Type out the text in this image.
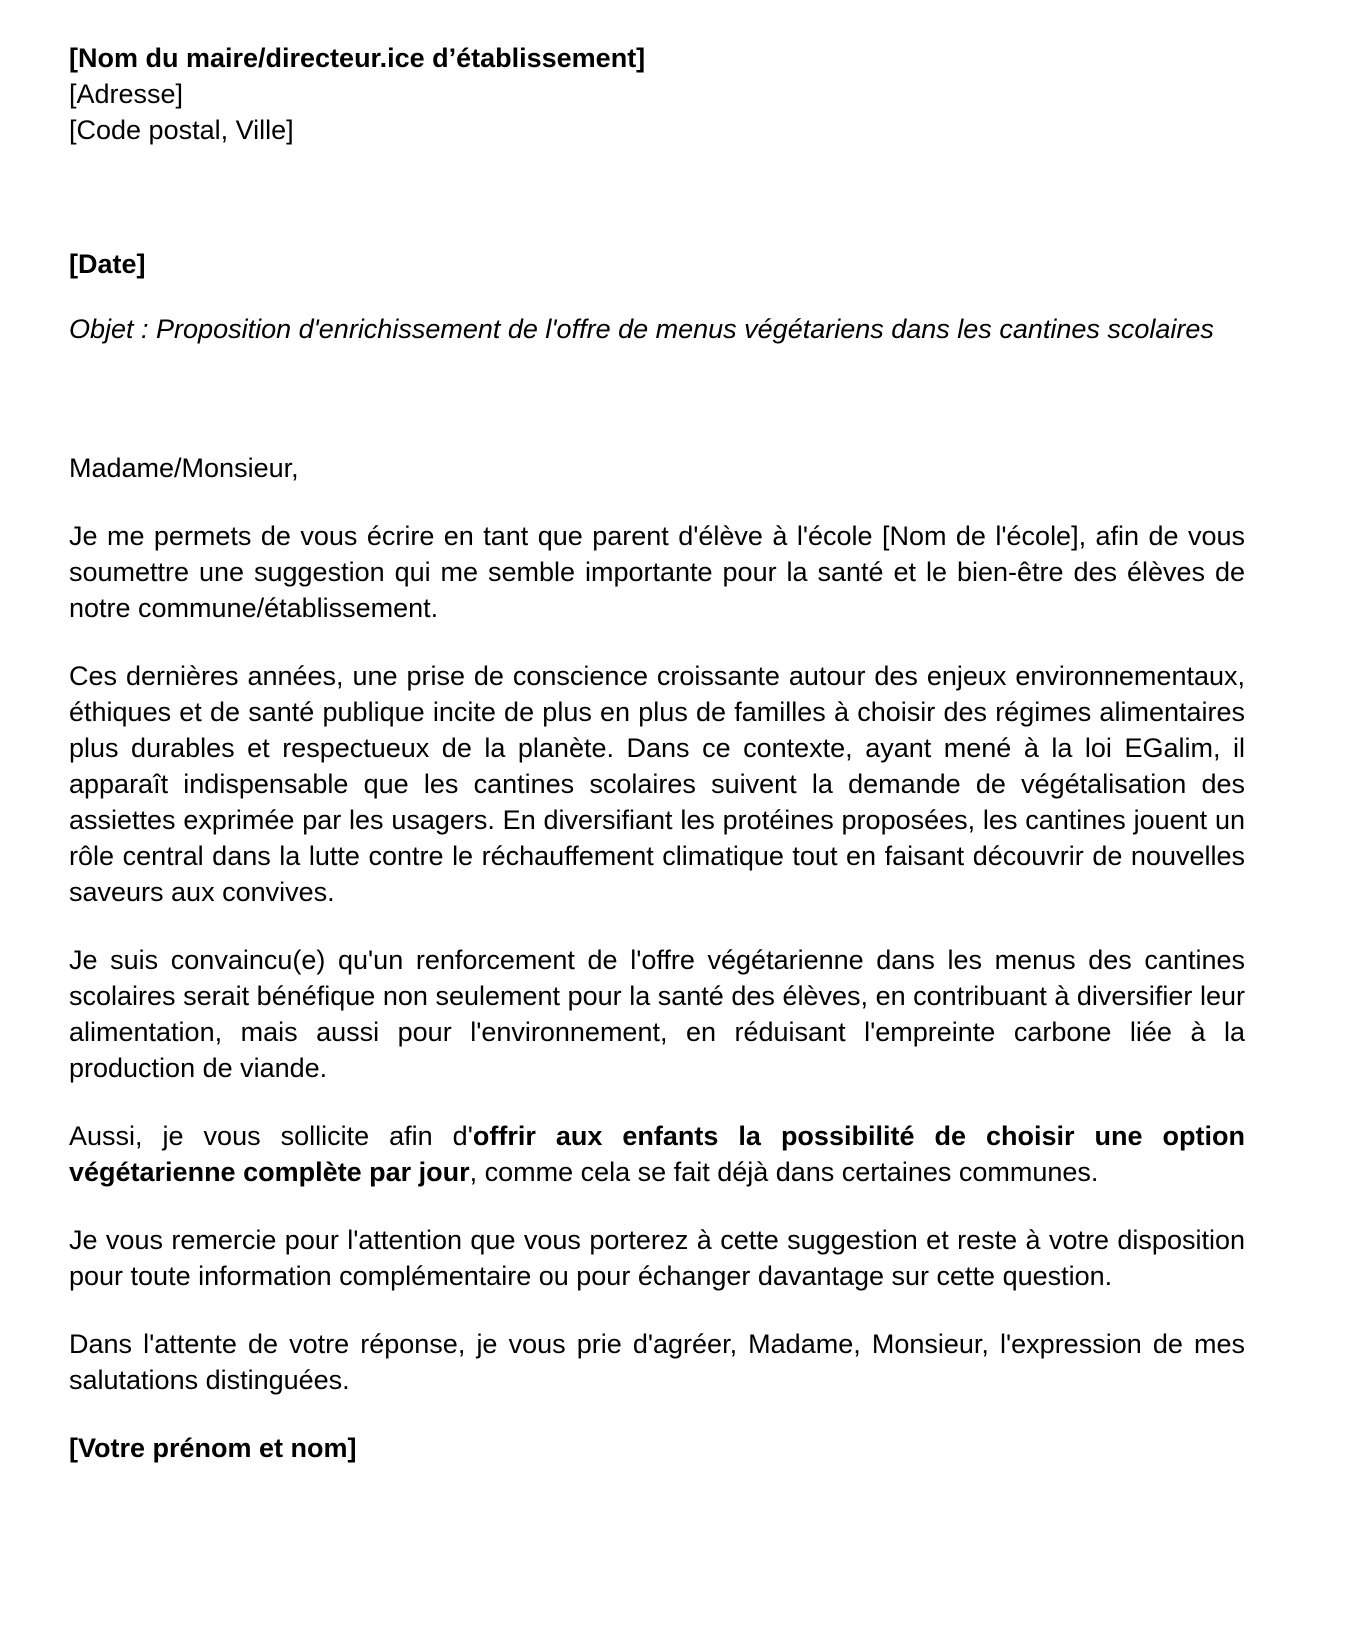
[Nom du maire/directeur.ice d’établissement]
[Adresse]
[Code postal, Ville]
[Date]
Objet : Proposition d'enrichissement de l'offre de menus végétariens dans les cantines scolaires
Madame/Monsieur,

Je me permets de vous écrire en tant que parent d'élève à l'école [Nom de l'école], afin de vous soumettre une suggestion qui me semble importante pour la santé et le bien-être des élèves de notre commune/établissement.

Ces dernières années, une prise de conscience croissante autour des enjeux environnementaux, éthiques et de santé publique incite de plus en plus de familles à choisir des régimes alimentaires plus durables et respectueux de la planète. Dans ce contexte, ayant mené à la loi EGalim, il apparaît indispensable que les cantines scolaires suivent la demande de végétalisation des assiettes exprimée par les usagers. En diversifiant les protéines proposées, les cantines jouent un rôle central dans la lutte contre le réchauffement climatique tout en faisant découvrir de nouvelles saveurs aux convives.

Je suis convaincu(e) qu'un renforcement de l'offre végétarienne dans les menus des cantines scolaires serait bénéfique non seulement pour la santé des élèves, en contribuant à diversifier leur alimentation, mais aussi pour l'environnement, en réduisant l'empreinte carbone liée à la production de viande.

Aussi, je vous sollicite afin d'offrir aux enfants la possibilité de choisir une option végétarienne complète par jour, comme cela se fait déjà dans certaines communes.

Je vous remercie pour l'attention que vous porterez à cette suggestion et reste à votre disposition pour toute information complémentaire ou pour échanger davantage sur cette question.

Dans l'attente de votre réponse, je vous prie d'agréer, Madame, Monsieur, l'expression de mes salutations distinguées.

[Votre prénom et nom]
